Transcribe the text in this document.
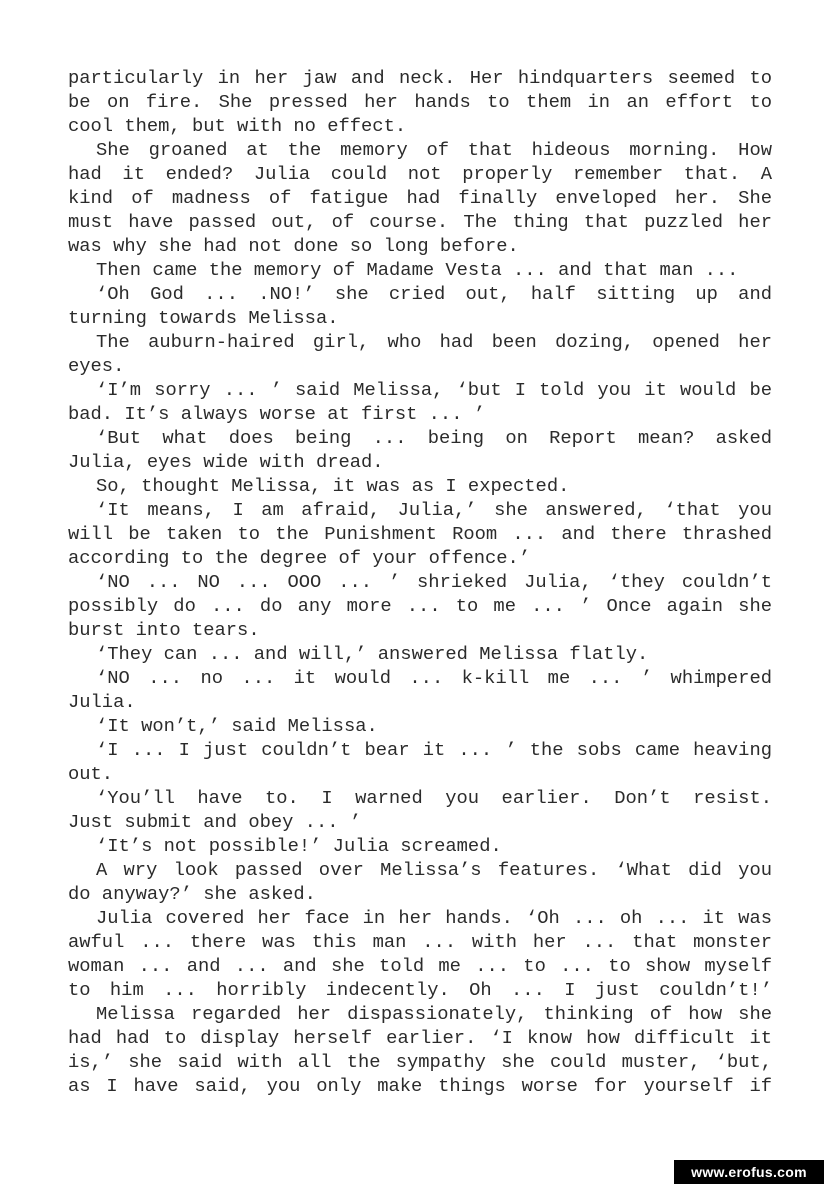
particularly in her jaw and neck. Her hindquarters seemed to
be on fire. She pressed her hands to them in an effort to
cool them, but with no effect.
She groaned at the memory of that hideous morning. How
had it ended? Julia could not properly remember that. A
kind of madness of fatigue had finally enveloped her. She
must have passed out, of course. The thing that puzzled her
was why she had not done so long before.
Then came the memory of Madame Vesta ... and that man ...
‘Oh God ... .NO!’ she cried out, half sitting up and
turning towards Melissa.
The auburn-haired girl, who had been dozing, opened her
eyes.
‘I’m sorry ... ’ said Melissa, ‘but I told you it would be
bad. It’s always worse at first ... ’
‘But what does being ... being on Report mean? asked
Julia, eyes wide with dread.
So, thought Melissa, it was as I expected.
‘It means, I am afraid, Julia,’ she answered, ‘that you
will be taken to the Punishment Room ... and there thrashed
according to the degree of your offence.’
‘NO ... NO ... OOO ... ’ shrieked Julia, ‘they couldn’t
possibly do ... do any more ... to me ... ’ Once again she
burst into tears.
‘They can ... and will,’ answered Melissa flatly.
‘NO ... no ... it would ... k-kill me ... ’ whimpered
Julia.
‘It won’t,’ said Melissa.
‘I ... I just couldn’t bear it ... ’ the sobs came heaving
out.
‘You’ll have to. I warned you earlier. Don’t resist.
Just submit and obey ... ’
‘It’s not possible!’ Julia screamed.
A wry look passed over Melissa’s features. ‘What did you
do anyway?’ she asked.
Julia covered her face in her hands. ‘Oh ... oh ... it was
awful ... there was this man ... with her ... that monster
woman ... and ... and she told me ... to ... to show myself
to him ... horribly indecently. Oh ... I just couldn’t!’
Melissa regarded her dispassionately, thinking of how she
had had to display herself earlier. ‘I know how difficult it
is,’ she said with all the sympathy she could muster, ‘but,
as I have said, you only make things worse for yourself if
www.erofus.com
